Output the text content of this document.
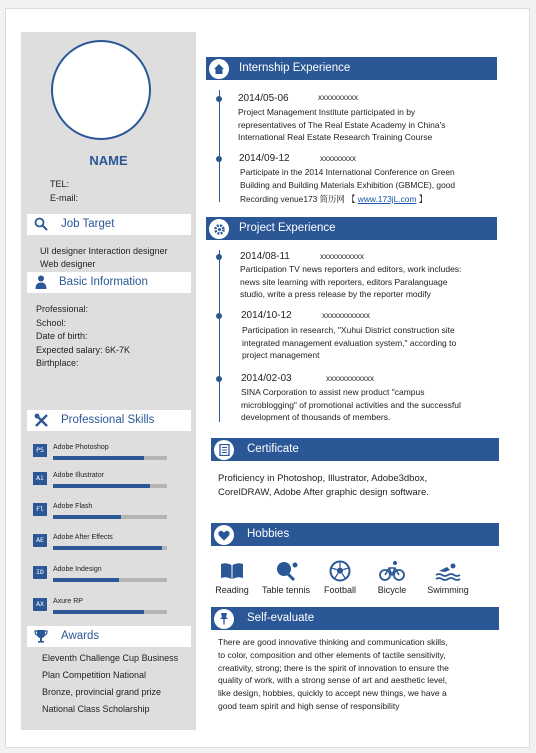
NAME
TEL:
E-mail:
Job Target
UI designer Interaction designer
Web designer
Basic Information
Professional:
School:
Date of birth:
Expected salary: 6K-7K
Birthplace:
Professional Skills
PS	Adobe Photoshop
Ai	Adobe Illustrator
Fl	Adobe Flash
AE	Adobe After Effects
ID	Adobe Indesign
AX	Axure RP
Awards
Eleventh Challenge Cup Business
Plan Competition National
Bronze, provincial grand prize
National Class Scholarship
Internship Experience
2014/05-06	xxxxxxxxxx
Project Management Institute participated in by
representatives of The Real Estate Academy in China's
International Real Estate Research Training Course
2014/09-12	xxxxxxxxx
Participate in the 2014 International Conference on Green
Building and Building Materials Exhibition (GBMCE), good
Recording venue173 简历网 【 www.173jL.com 】
Project Experience
2014/08-11	xxxxxxxxxxx
Participation TV news reporters and editors, work includes:
news site learning with reporters, editors Paralanguage
studio, write a press release by the reporter modify
2014/10-12	xxxxxxxxxxxx
Participation in research, "Xuhui District construction site
integrated management evaluation system," according to
project management
2014/02-03	xxxxxxxxxxxx
SINA Corporation to assist new product "campus
microblogging" of promotional activities and the successful
development of thousands of members.
Certificate
Proficiency in Photoshop, Illustrator, Adobe3dbox,
CorelDRAW, Adobe After graphic design software.
Hobbies
Reading	Table tennis	Football	Bicycle	Swimming
Self-evaluate
There are good innovative thinking and communication skills,
to color, composition and other elements of tactile sensitivity,
creativity, strong; there is the spirit of innovation to ensure the
quality of work, with a strong sense of art and aesthetic level,
like design, hobbies, quickly to accept new things, we have a
good team spirit and high sense of responsibility
